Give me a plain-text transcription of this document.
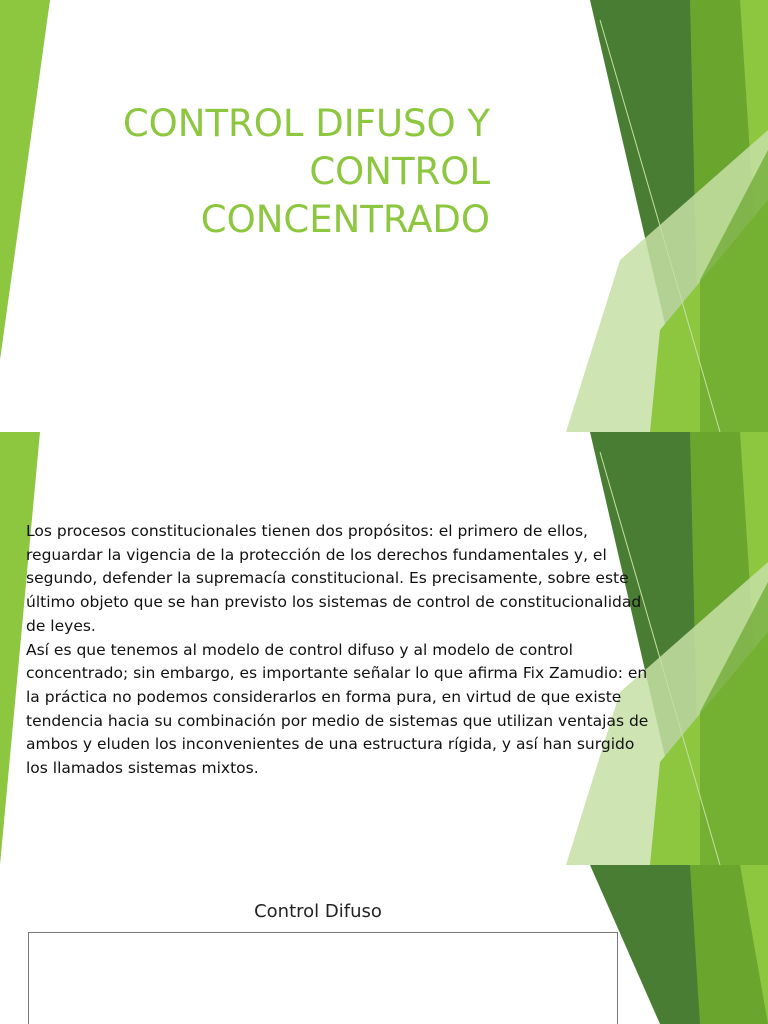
CONTROL DIFUSO Y
CONTROL
CONCENTRADO

Los procesos constitucionales tienen dos propósitos: el primero de ellos, reguardar la vigencia de la protección de los derechos fundamentales y, el segundo, defender la supremacía constitucional. Es precisamente, sobre este último objeto que se han previsto los sistemas de control de constitucionalidad de leyes.

Así es que tenemos al modelo de control difuso y al modelo de control concentrado; sin embargo, es importante señalar lo que afirma Fix Zamudio: en la práctica no podemos considerarlos en forma pura, en virtud de que existe tendencia hacia su combinación por medio de sistemas que utilizan ventajas de ambos y eluden los inconvenientes de una estructura rígida, y así han surgido los llamados sistemas mixtos.

Control Difuso
